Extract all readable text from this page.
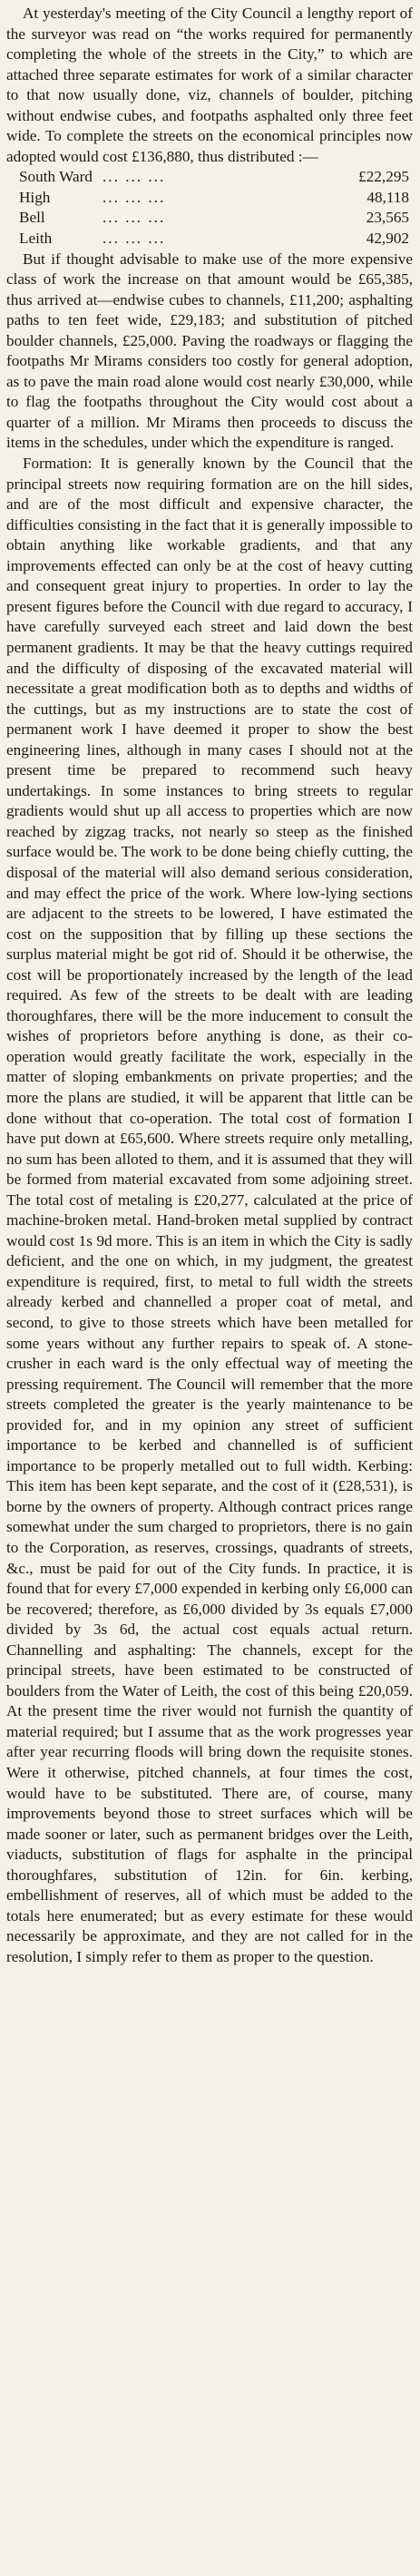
At yesterday's meeting of the City Council a lengthy report of the surveyor was read on “the works required for permanently completing the whole of the streets in the City,” to which are attached three separate estimates for work of a similar character to that now usually done, viz, channels of boulder, pitching without endwise cubes, and footpaths asphalted only three feet wide. To complete the streets on the economical principles now adopted would cost £136,880, thus distributed :—

South Ward ... ... ...	£22,295
High	... ... ...	48,118
Bell	... ... ...	23,565
Leith	... ... ...	42,902

But if thought advisable to make use of the more expensive class of work the increase on that amount would be £65,385, thus arrived at—endwise cubes to channels, £11,200; asphalting paths to ten feet wide, £29,183; and substitution of pitched boulder channels, £25,000. Paving the roadways or flagging the footpaths Mr Mirams considers too costly for general adoption, as to pave the main road alone would cost nearly £30,000, while to flag the footpaths throughout the City would cost about a quarter of a million. Mr Mirams then proceeds to discuss the items in the schedules, under which the expenditure is ranged.

Formation: It is generally known by the Council that the principal streets now requiring formation are on the hill sides, and are of the most difficult and expensive character, the difficulties consisting in the fact that it is generally impossible to obtain anything like workable gradients, and that any improvements effected can only be at the cost of heavy cutting and consequent great injury to properties. In order to lay the present figures before the Council with due regard to accuracy, I have carefully surveyed each street and laid down the best permanent gradients. It may be that the heavy cuttings required and the difficulty of disposing of the excavated material will necessitate a great modification both as to depths and widths of the cuttings, but as my instructions are to state the cost of permanent work I have deemed it proper to show the best engineering lines, although in many cases I should not at the present time be prepared to recommend such heavy undertakings. In some instances to bring streets to regular gradients would shut up all access to properties which are now reached by zigzag tracks, not nearly so steep as the finished surface would be. The work to be done being chiefly cutting, the disposal of the material will also demand serious consideration, and may effect the price of the work. Where low-lying sections are adjacent to the streets to be lowered, I have estimated the cost on the supposition that by filling up these sections the surplus material might be got rid of. Should it be otherwise, the cost will be proportionately increased by the length of the lead required. As few of the streets to be dealt with are leading thoroughfares, there will be the more inducement to consult the wishes of proprietors before anything is done, as their co-operation would greatly facilitate the work, especially in the matter of sloping embankments on private properties; and the more the plans are studied, it will be apparent that little can be done without that co-operation. The total cost of formation I have put down at £65,600. Where streets require only metalling, no sum has been alloted to them, and it is assumed that they will be formed from material excavated from some adjoining street. The total cost of metaling is £20,277, calculated at the price of machine-broken metal. Hand-broken metal supplied by contract would cost 1s 9d more. This is an item in which the City is sadly deficient, and the one on which, in my judgment, the greatest expenditure is required, first, to metal to full width the streets already kerbed and channelled a proper coat of metal, and second, to give to those streets which have been metalled for some years without any further repairs to speak of. A stone-crusher in each ward is the only effectual way of meeting the pressing requirement. The Council will remember that the more streets completed the greater is the yearly maintenance to be provided for, and in my opinion any street of sufficient importance to be kerbed and channelled is of sufficient importance to be properly metalled out to full width. Kerbing: This item has been kept separate, and the cost of it (£28,531), is borne by the owners of property. Although contract prices range somewhat under the sum charged to proprietors, there is no gain to the Corporation, as reserves, crossings, quadrants of streets, &c., must be paid for out of the City funds. In practice, it is found that for every £7,000 expended in kerbing only £6,000 can be recovered; therefore, as £6,000 divided by 3s equals £7,000 divided by 3s 6d, the actual cost equals actual return. Channelling and asphalting: The channels, except for the principal streets, have been estimated to be constructed of boulders from the Water of Leith, the cost of this being £20,059. At the present time the river would not furnish the quantity of material required; but I assume that as the work progresses year after year recurring floods will bring down the requisite stones. Were it otherwise, pitched channels, at four times the cost, would have to be substituted. There are, of course, many improvements beyond those to street surfaces which will be made sooner or later, such as permanent bridges over the Leith, viaducts, substitution of flags for asphalte in the principal thoroughfares, substitution of 12in. for 6in. kerbing, embellishment of reserves, all of which must be added to the totals here enumerated; but as every estimate for these would necessarily be approximate, and they are not called for in the resolution, I simply refer to them as proper to the question.
